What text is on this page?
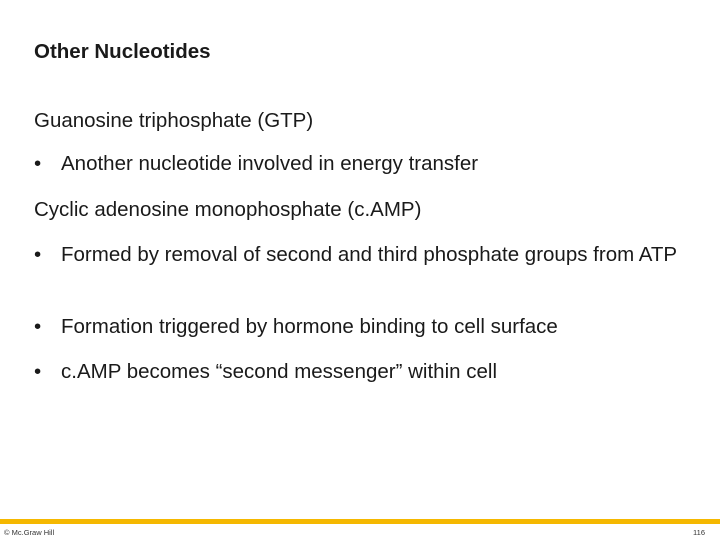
Other Nucleotides
Guanosine triphosphate (GTP)
• Another nucleotide involved in energy transfer
Cyclic adenosine monophosphate (c.AMP)
• Formed by removal of second and third phosphate groups from ATP
• Formation triggered by hormone binding to cell surface
• c.AMP becomes “second messenger” within cell
© Mc.Graw Hill	116
